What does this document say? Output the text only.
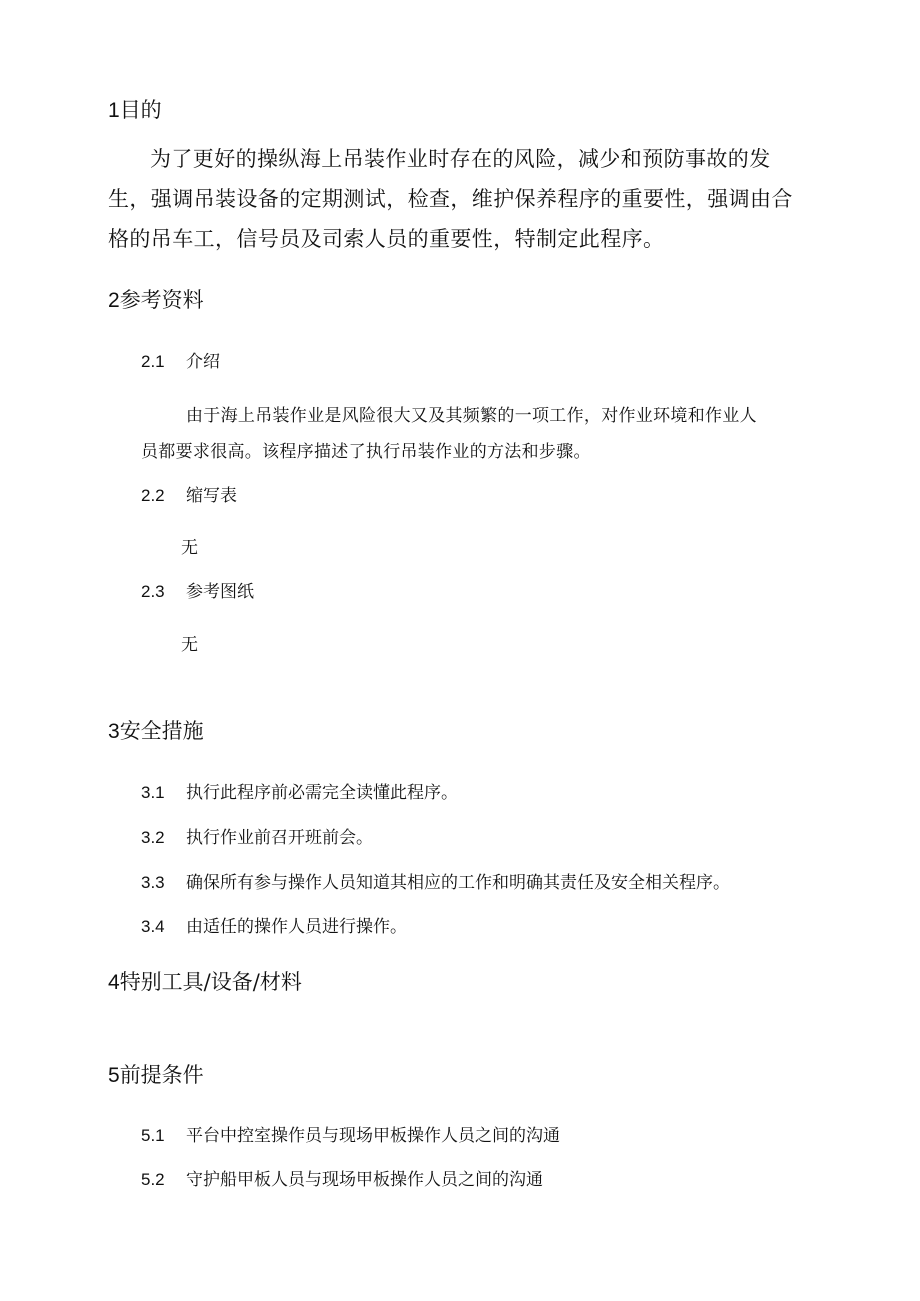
1目的
为了更好的操纵海上吊装作业时存在的风险，减少和预防事故的发
生，强调吊装设备的定期测试，检查，维护保养程序的重要性，强调由合
格的吊车工，信号员及司索人员的重要性，特制定此程序。
2参考资料
2.1 介绍
由于海上吊装作业是风险很大又及其频繁的一项工作，对作业环境和作业人
员都要求很高。该程序描述了执行吊装作业的方法和步骤。
2.2 缩写表
无
2.3 参考图纸
无
3安全措施
3.1 执行此程序前必需完全读懂此程序。
3.2 执行作业前召开班前会。
3.3 确保所有参与操作人员知道其相应的工作和明确其责任及安全相关程序。
3.4 由适任的操作人员进行操作。
4特别工具/设备/材料
5前提条件
5.1 平台中控室操作员与现场甲板操作人员之间的沟通
5.2 守护船甲板人员与现场甲板操作人员之间的沟通
